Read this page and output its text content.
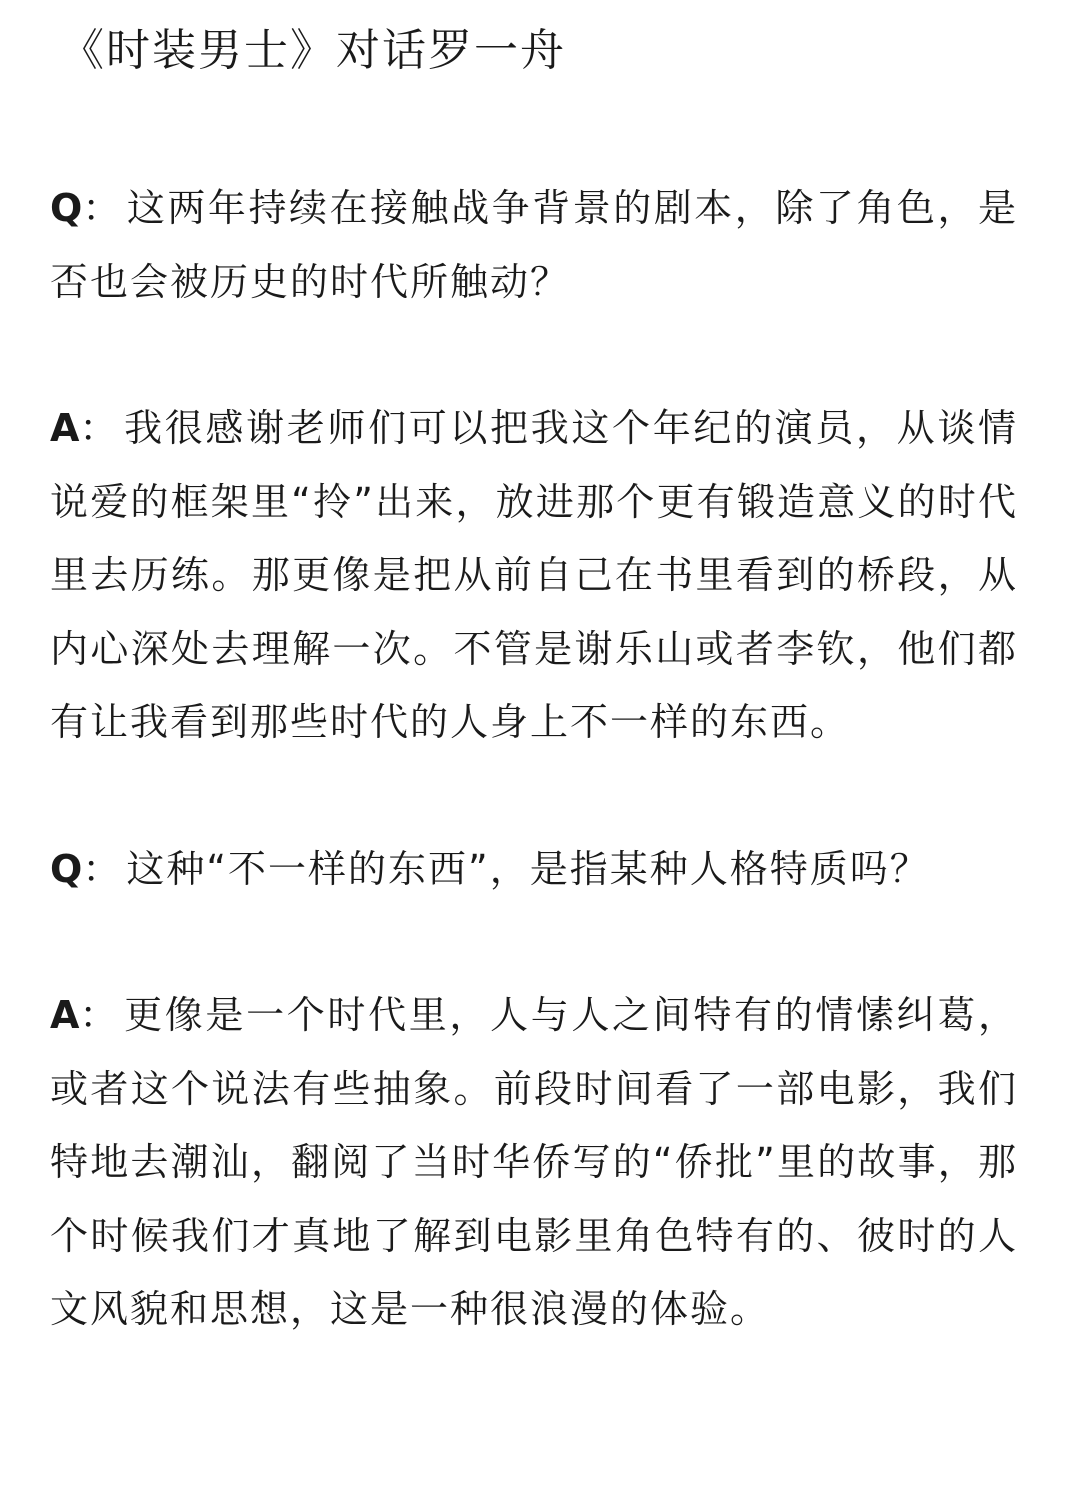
《时装男士》对话罗一舟

Q： 这两年持续在接触战争背景的剧本，除了角色，是否也会被历史的时代所触动？

A： 我很感谢老师们可以把我这个年纪的演员，从谈情说爱的框架里“拎”出来，放进那个更有锻造意义的时代里去历练。那更像是把从前自己在书里看到的桥段，从内心深处去理解一次。不管是谢乐山或者李钦，他们都有让我看到那些时代的人身上不一样的东西。

Q： 这种“不一样的东西”，是指某种人格特质吗？

A： 更像是一个时代里，人与人之间特有的情愫纠葛，或者这个说法有些抽象。前段时间看了一部电影，我们特地去潮汕，翻阅了当时华侨写的“侨批”里的故事，那个时候我们才真地了解到电影里角色特有的、彼时的人文风貌和思想，这是一种很浪漫的体验。
